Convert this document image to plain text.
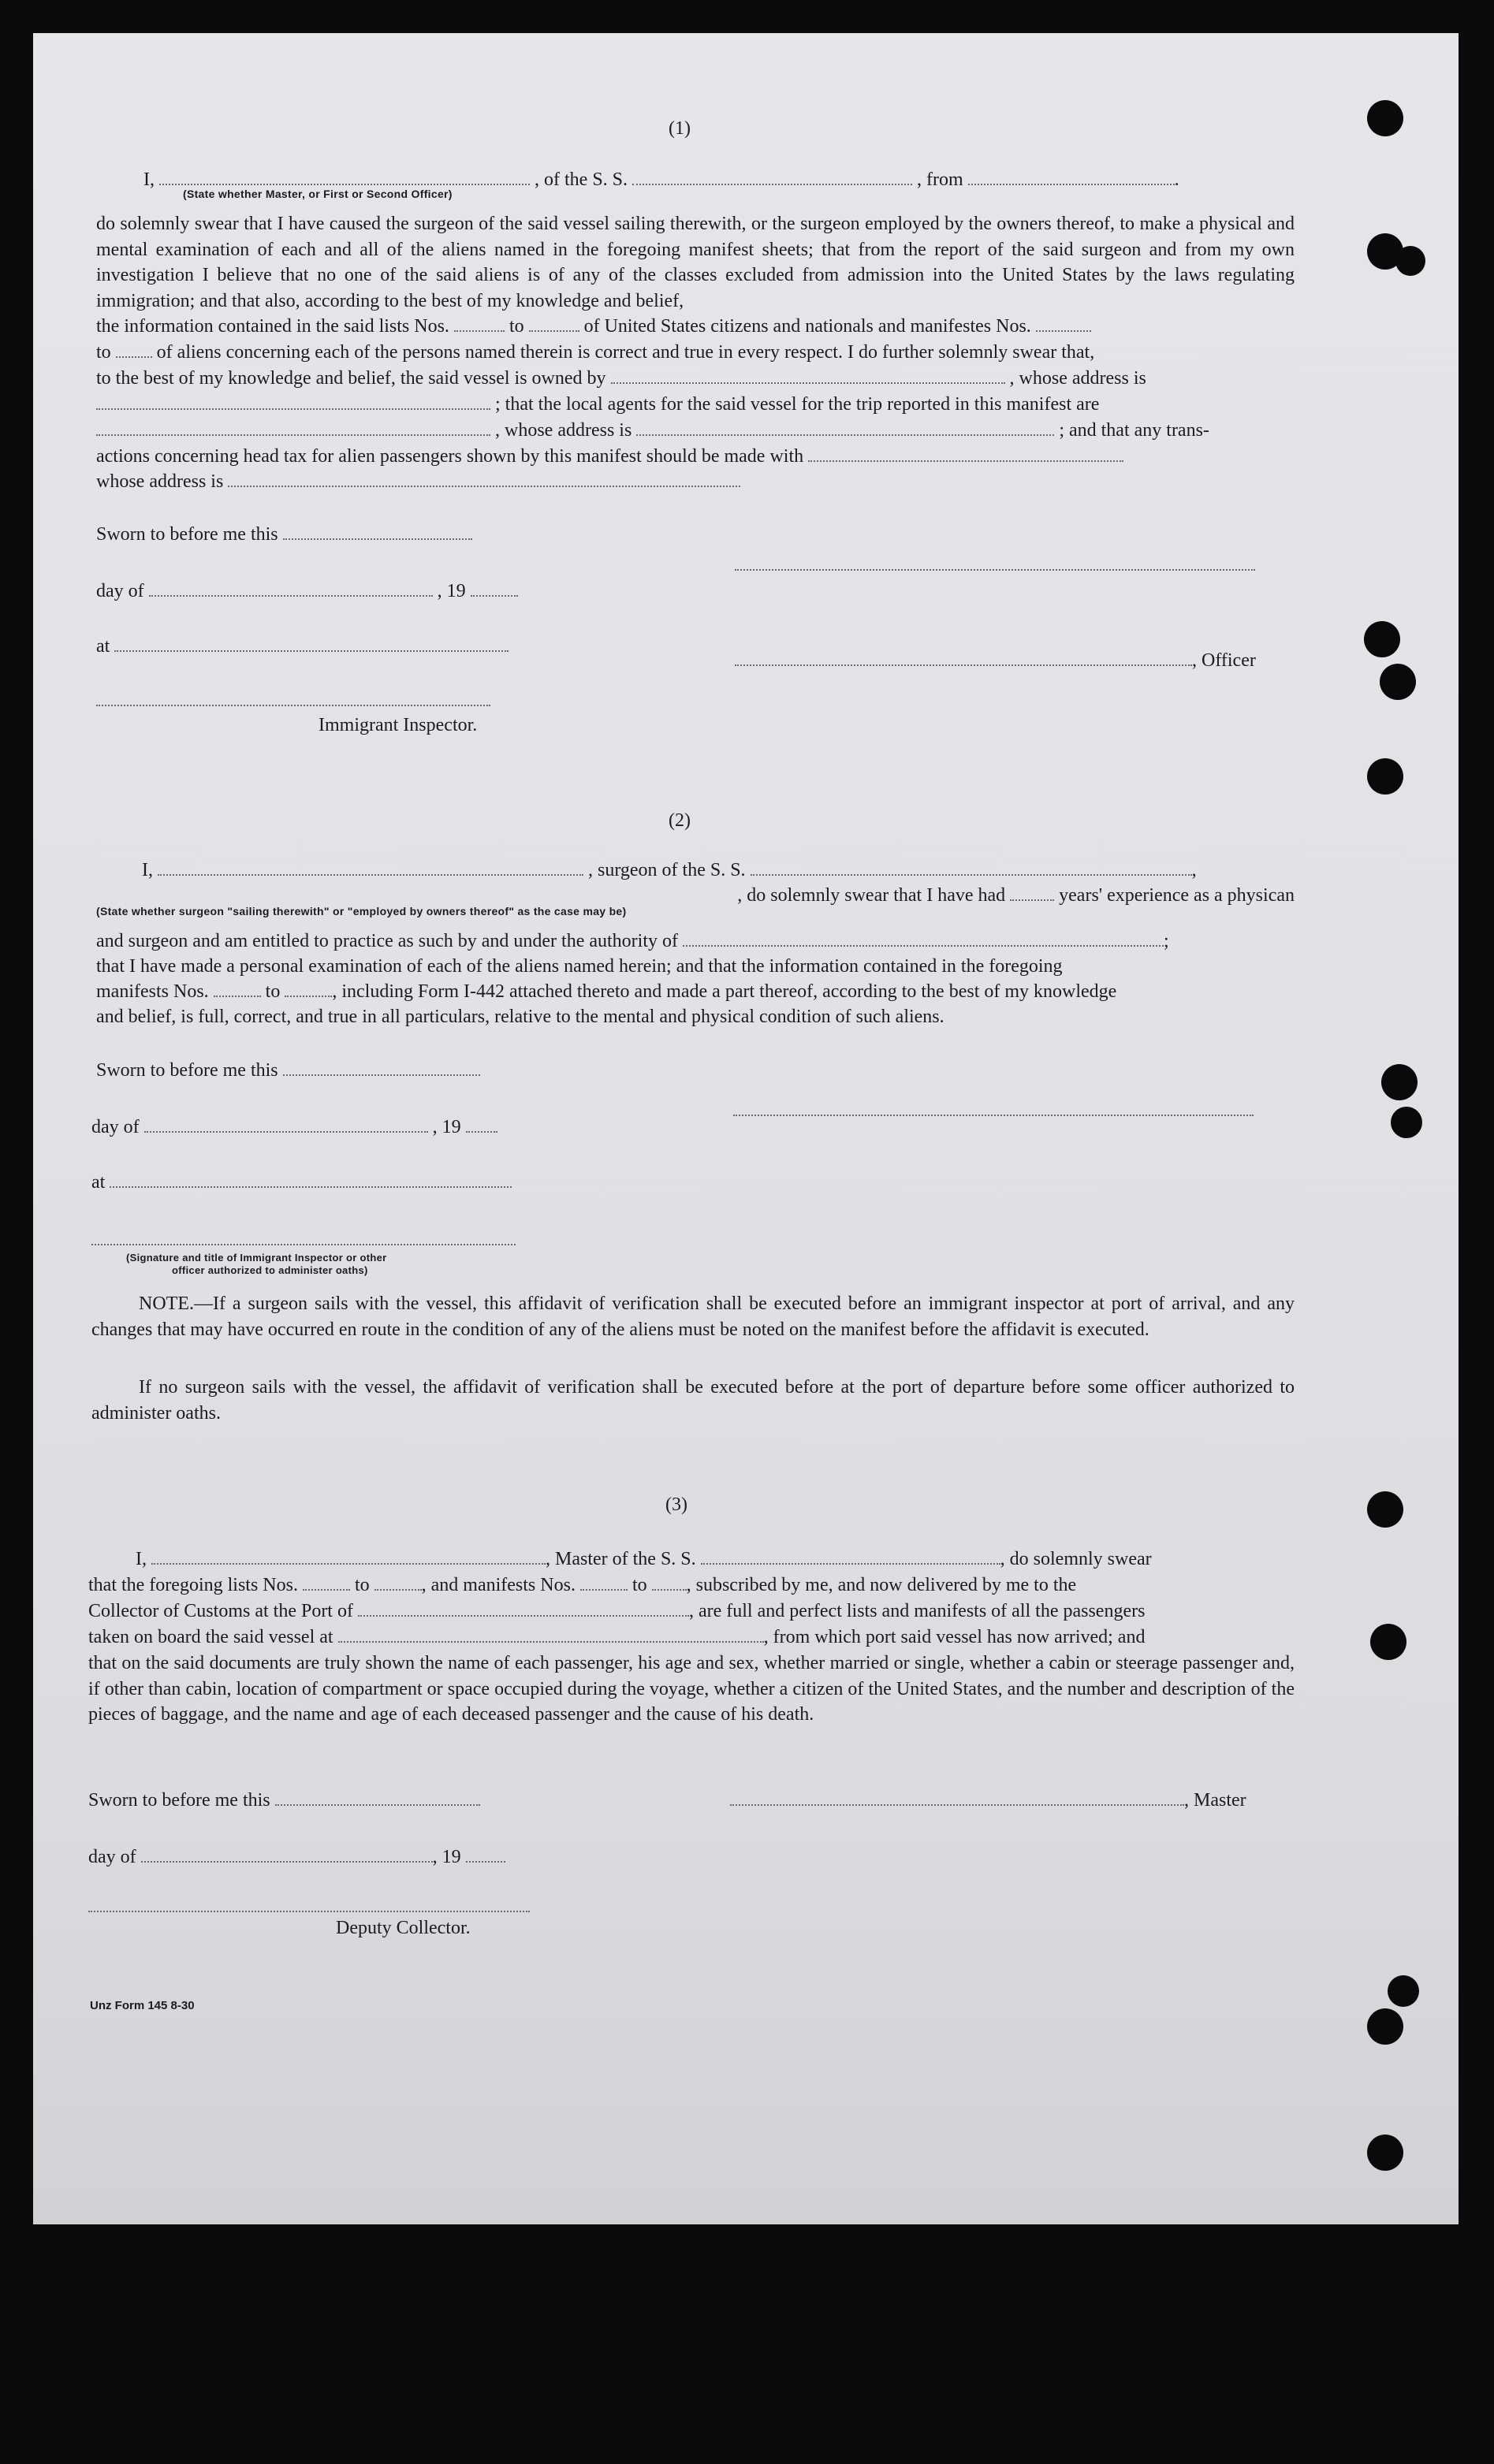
(1)
I,	, of the S. S.	, from	.
(State whether Master, or First or Second Officer)
do solemnly swear that I have caused the surgeon of the said vessel sailing therewith, or the surgeon employed by the owners thereof, to make a physical and mental examination of each and all of the aliens named in the foregoing manifest sheets; that from the report of the said surgeon and from my own investigation I believe that no one of the said aliens is of any of the classes excluded from admission into the United States by the laws regulating immigration; and that also, according to the best of my knowledge and belief,
the information contained in the said lists Nos.	to	of United States citizens and nationals and manifestes Nos.
to of aliens concerning each of the persons named therein is correct and true in every respect. I do further solemnly swear that,
to the best of my knowledge and belief, the said vessel is owned by	, whose address is
; that the local agents for the said vessel for the trip reported in this manifest are
, whose address is	; and that any trans-
actions concerning head tax for alien passengers shown by this manifest should be made with
whose address is
Sworn to before me this
day of	, 19
at
, Officer
Immigrant Inspector.
(2)
I,	, surgeon of the S. S.	,
, do solemnly swear that I have had	years' experience as a physican
(State whether surgeon "sailing therewith" or "employed by owners thereof" as the case may be)
and surgeon and am entitled to practice as such by and under the authority of	;
that I have made a personal examination of each of the aliens named herein; and that the information contained in the foregoing
manifests Nos.	to	, including Form I-442 attached thereto and made a part thereof, according to the best of my knowledge
and belief, is full, correct, and true in all particulars, relative to the mental and physical condition of such aliens.
Sworn to before me this
day of	, 19
at
(Signature and title of Immigrant Inspector or other
officer authorized to administer oaths)
NOTE.—If a surgeon sails with the vessel, this affidavit of verification shall be executed before an immigrant inspector at port of arrival, and any changes that may have occurred en route in the condition of any of the aliens must be noted on the manifest before the affidavit is executed.
If no surgeon sails with the vessel, the affidavit of verification shall be executed before at the port of departure before some officer authorized to administer oaths.
(3)
I,	, Master of the S. S.	, do solemnly swear
that the foregoing lists Nos.	to	, and manifests Nos.	to , subscribed by me, and now delivered by me to the
Collector of Customs at the Port of	, are full and perfect lists and manifests of all the passengers
taken on board the said vessel at	, from which port said vessel has now arrived; and
that on the said documents are truly shown the name of each passenger, his age and sex, whether married or single, whether a cabin or steerage passenger and, if other than cabin, location of compartment or space occupied during the voyage, whether a citizen of the United States, and the number and description of the pieces of baggage, and the name and age of each deceased passenger and the cause of his death.
Sworn to before me this	, Master
day of	, 19
Deputy Collector.
Unz Form 145 8-30
